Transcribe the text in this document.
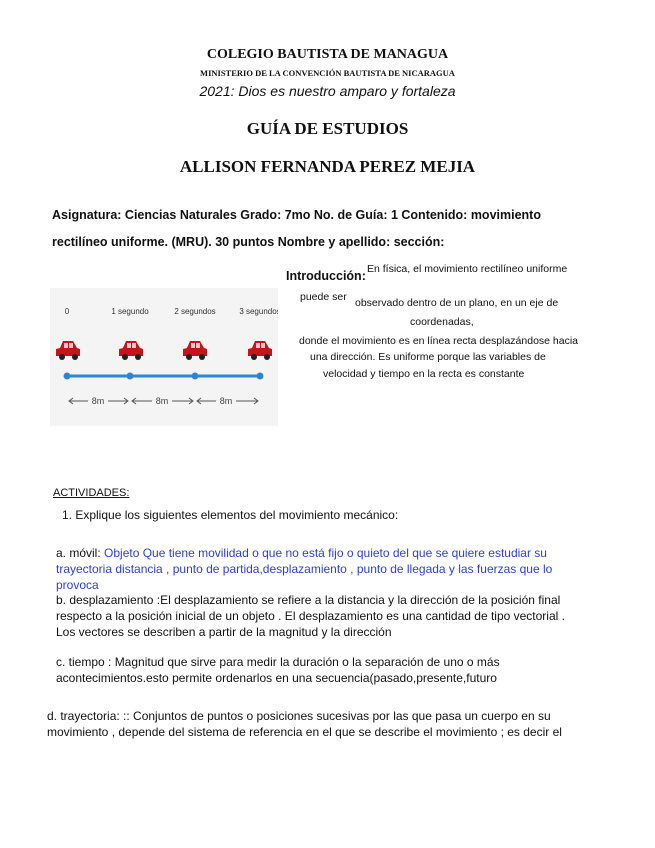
COLEGIO BAUTISTA DE MANAGUA
MINISTERIO DE LA CONVENCIÓN BAUTISTA DE NICARAGUA
2021: Dios es nuestro amparo y fortaleza
GUÍA DE ESTUDIOS
ALLISON FERNANDA PEREZ MEJIA
Asignatura: Ciencias Naturales Grado: 7mo No. de Guía: 1 Contenido: movimiento
rectilíneo uniforme. (MRU). 30 puntos Nombre y apellido: sección:
0	1 segundo	2 segundos	3 segundos
8m	8m	8m
Introducción: En física, el movimiento rectilíneo uniforme
puede ser observado dentro de un plano, en un eje de
coordenadas,
donde el movimiento es en línea recta desplazándose hacia
una dirección. Es uniforme porque las variables de
velocidad y tiempo en la recta es constante
ACTIVIDADES:
1. Explique los siguientes elementos del movimiento mecánico:
a. móvil: Objeto Que tiene movilidad o que no está fijo o quieto del que se quiere estudiar su
trayectoria distancia , punto de partida,desplazamiento , punto de llegada y las fuerzas que lo
provoca
b. desplazamiento :El desplazamiento se refiere a la distancia y la dirección de la posición final
respecto a la posición inicial de un objeto . El desplazamiento es una cantidad de tipo vectorial .
Los vectores se describen a partir de la magnitud y la dirección
c. tiempo : Magnitud que sirve para medir la duración o la separación de uno o más
acontecimientos.esto permite ordenarlos en una secuencia(pasado,presente,futuro
d. trayectoria: :: Conjuntos de puntos o posiciones sucesivas por las que pasa un cuerpo en su
movimiento , depende del sistema de referencia en el que se describe el movimiento ; es decir el
